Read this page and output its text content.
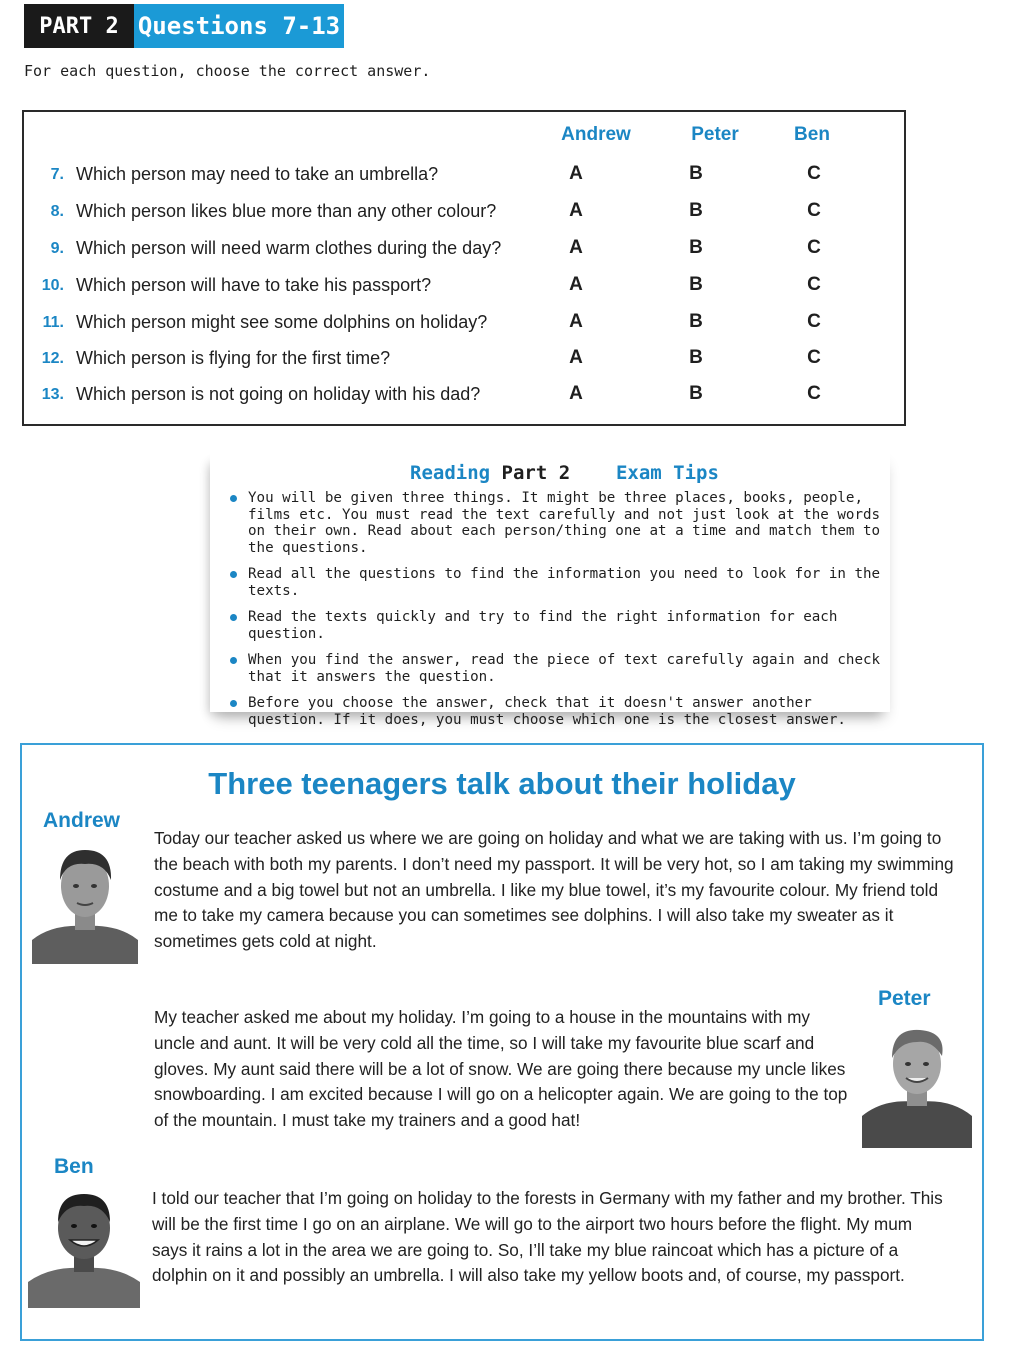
PART 2 Questions 7-13
For each question, choose the correct answer.
Andrew	Peter	Ben
7. Which person may need to take an umbrella?	A	B	C
8. Which person likes blue more than any other colour?	A	B	C
9. Which person will need warm clothes during the day?	A	B	C
10. Which person will have to take his passport?	A	B	C
11. Which person might see some dolphins on holiday?	A	B	C
12. Which person is flying for the first time?	A	B	C
13. Which person is not going on holiday with his dad?	A	B	C
Reading Part 2 Exam Tips
You will be given three things. It might be three places, books, people, films etc. You must read the text carefully and not just look at the words on their own. Read about each person/thing one at a time and match them to the questions.
Read all the questions to find the information you need to look for in the texts.
Read the texts quickly and try to find the right information for each question.
When you find the answer, read the piece of text carefully again and check that it answers the question.
Before you choose the answer, check that it doesn't answer another question. If it does, you must choose which one is the closest answer.
Three teenagers talk about their holiday
Andrew
Today our teacher asked us where we are going on holiday and what we are taking with us. I’m going to the beach with both my parents. I don’t need my passport. It will be very hot, so I am taking my swimming costume and a big towel but not an umbrella. I like my blue towel, it’s my favourite colour. My friend told me to take my camera because you can sometimes see dolphins. I will also take my sweater as it sometimes gets cold at night.
Peter
My teacher asked me about my holiday. I’m going to a house in the mountains with my uncle and aunt. It will be very cold all the time, so I will take my favourite blue scarf and gloves. My aunt said there will be a lot of snow. We are going there because my uncle likes snowboarding. I am excited because I will go on a helicopter again. We are going to the top of the mountain. I must take my trainers and a good hat!
Ben
I told our teacher that I’m going on holiday to the forests in Germany with my father and my brother. This will be the first time I go on an airplane. We will go to the airport two hours before the flight. My mum says it rains a lot in the area we are going to. So, I’ll take my blue raincoat which has a picture of a dolphin on it and possibly an umbrella. I will also take my yellow boots and, of course, my passport.
